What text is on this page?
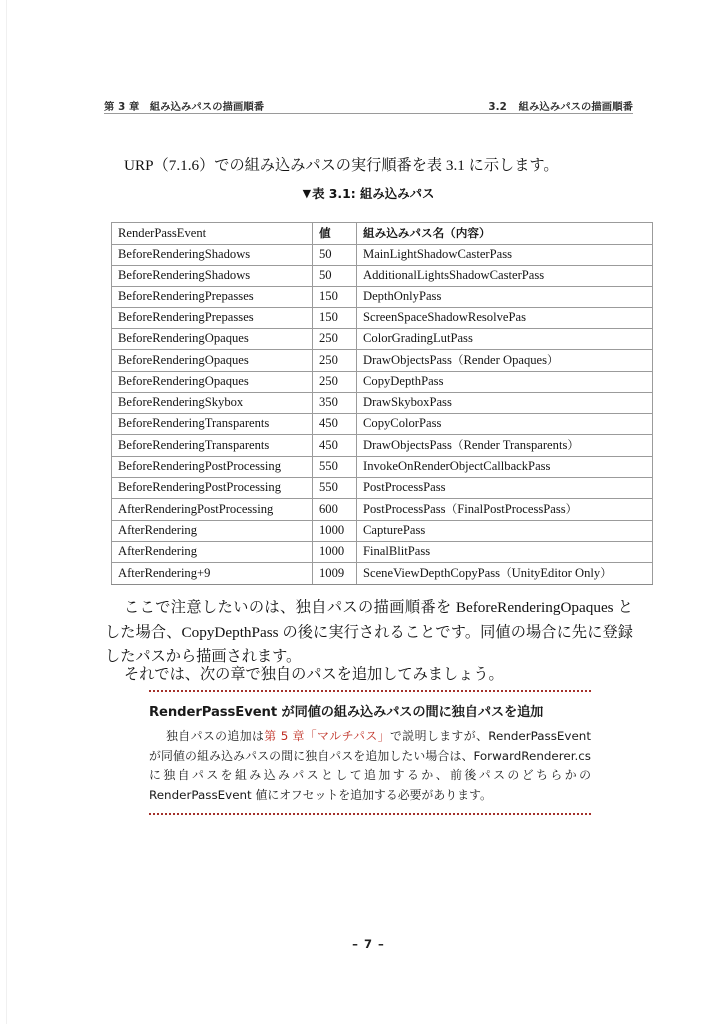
第 3 章　組み込みパスの描画順番	3.2 組み込みパスの描画順番

URP（7.1.6）での組み込みパスの実行順番を表 3.1 に示します。

▼表 3.1: 組み込みパス
RenderPassEvent	値	組み込みパス名（内容）
BeforeRenderingShadows	50	MainLightShadowCasterPass
BeforeRenderingShadows	50	AdditionalLightsShadowCasterPass
BeforeRenderingPrepasses	150	DepthOnlyPass
BeforeRenderingPrepasses	150	ScreenSpaceShadowResolvePas
BeforeRenderingOpaques	250	ColorGradingLutPass
BeforeRenderingOpaques	250	DrawObjectsPass（Render Opaques）
BeforeRenderingOpaques	250	CopyDepthPass
BeforeRenderingSkybox	350	DrawSkyboxPass
BeforeRenderingTransparents	450	CopyColorPass
BeforeRenderingTransparents	450	DrawObjectsPass（Render Transparents）
BeforeRenderingPostProcessing	550	InvokeOnRenderObjectCallbackPass
BeforeRenderingPostProcessing	550	PostProcessPass
AfterRenderingPostProcessing	600	PostProcessPass（FinalPostProcessPass）
AfterRendering	1000	CapturePass
AfterRendering	1000	FinalBlitPass
AfterRendering+9	1009	SceneViewDepthCopyPass（UnityEditor Only）

ここで注意したいのは、独自パスの描画順番を BeforeRenderingOpaques とした場合、CopyDepthPass の後に実行されることです。同値の場合に先に登録したパスから描画されます。

それでは、次の章で独自のパスを追加してみましょう。

RenderPassEvent が同値の組み込みパスの間に独自パスを追加
独自パスの追加は第 5 章「マルチパス」で説明しますが、RenderPassEvent が同値の組み込みパスの間に独自パスを追加したい場合は、ForwardRenderer.cs に独自パスを組み込みパスとして追加するか、前後パスのどちらかの RenderPassEvent 値にオフセットを追加する必要があります。
– 7 –
